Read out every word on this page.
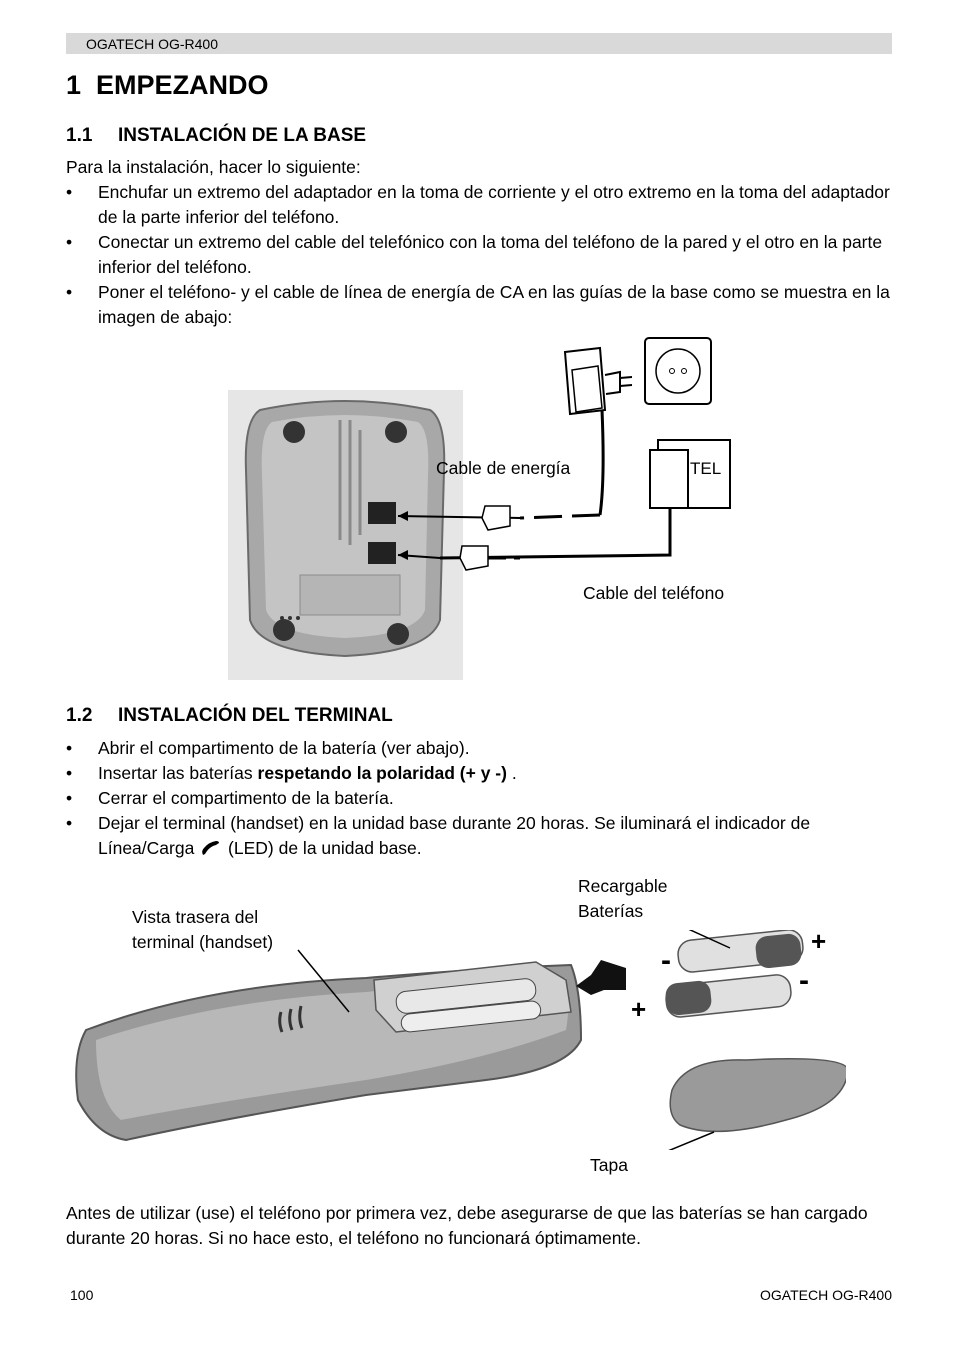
OGATECH OG-R400
1 EMPEZANDO
1.1 INSTALACIÓN DE LA BASE
Para la instalación, hacer lo siguiente:
• Enchufar un extremo del adaptador en la toma de corriente y el otro extremo en la toma del adaptador de la parte inferior del teléfono.
• Conectar un extremo del cable del telefónico con la toma del teléfono de la pared y el otro en la parte inferior del teléfono.
• Poner el teléfono- y el cable de línea de energía de CA en las guías de la base como se muestra en la imagen de abajo:
TEL
Cable de energía
Cable del teléfono
1.2 INSTALACIÓN DEL TERMINAL
• Abrir el compartimento de la batería (ver abajo).
• Insertar las baterías respetando la polaridad (+ y -) .
• Cerrar el compartimento de la batería.
• Dejar el terminal (handset) en la unidad base durante 20 horas. Se iluminará el indicador de Línea/Carga  (LED) de la unidad base.
+
-
-
+
Vista trasera del
terminal (handset)
Recargable
Baterías
Tapa
Antes de utilizar (use) el teléfono por primera vez, debe asegurarse de que las baterías se han cargado durante 20 horas. Si no hace esto, el teléfono no funcionará óptimamente.
100	OGATECH OG-R400
